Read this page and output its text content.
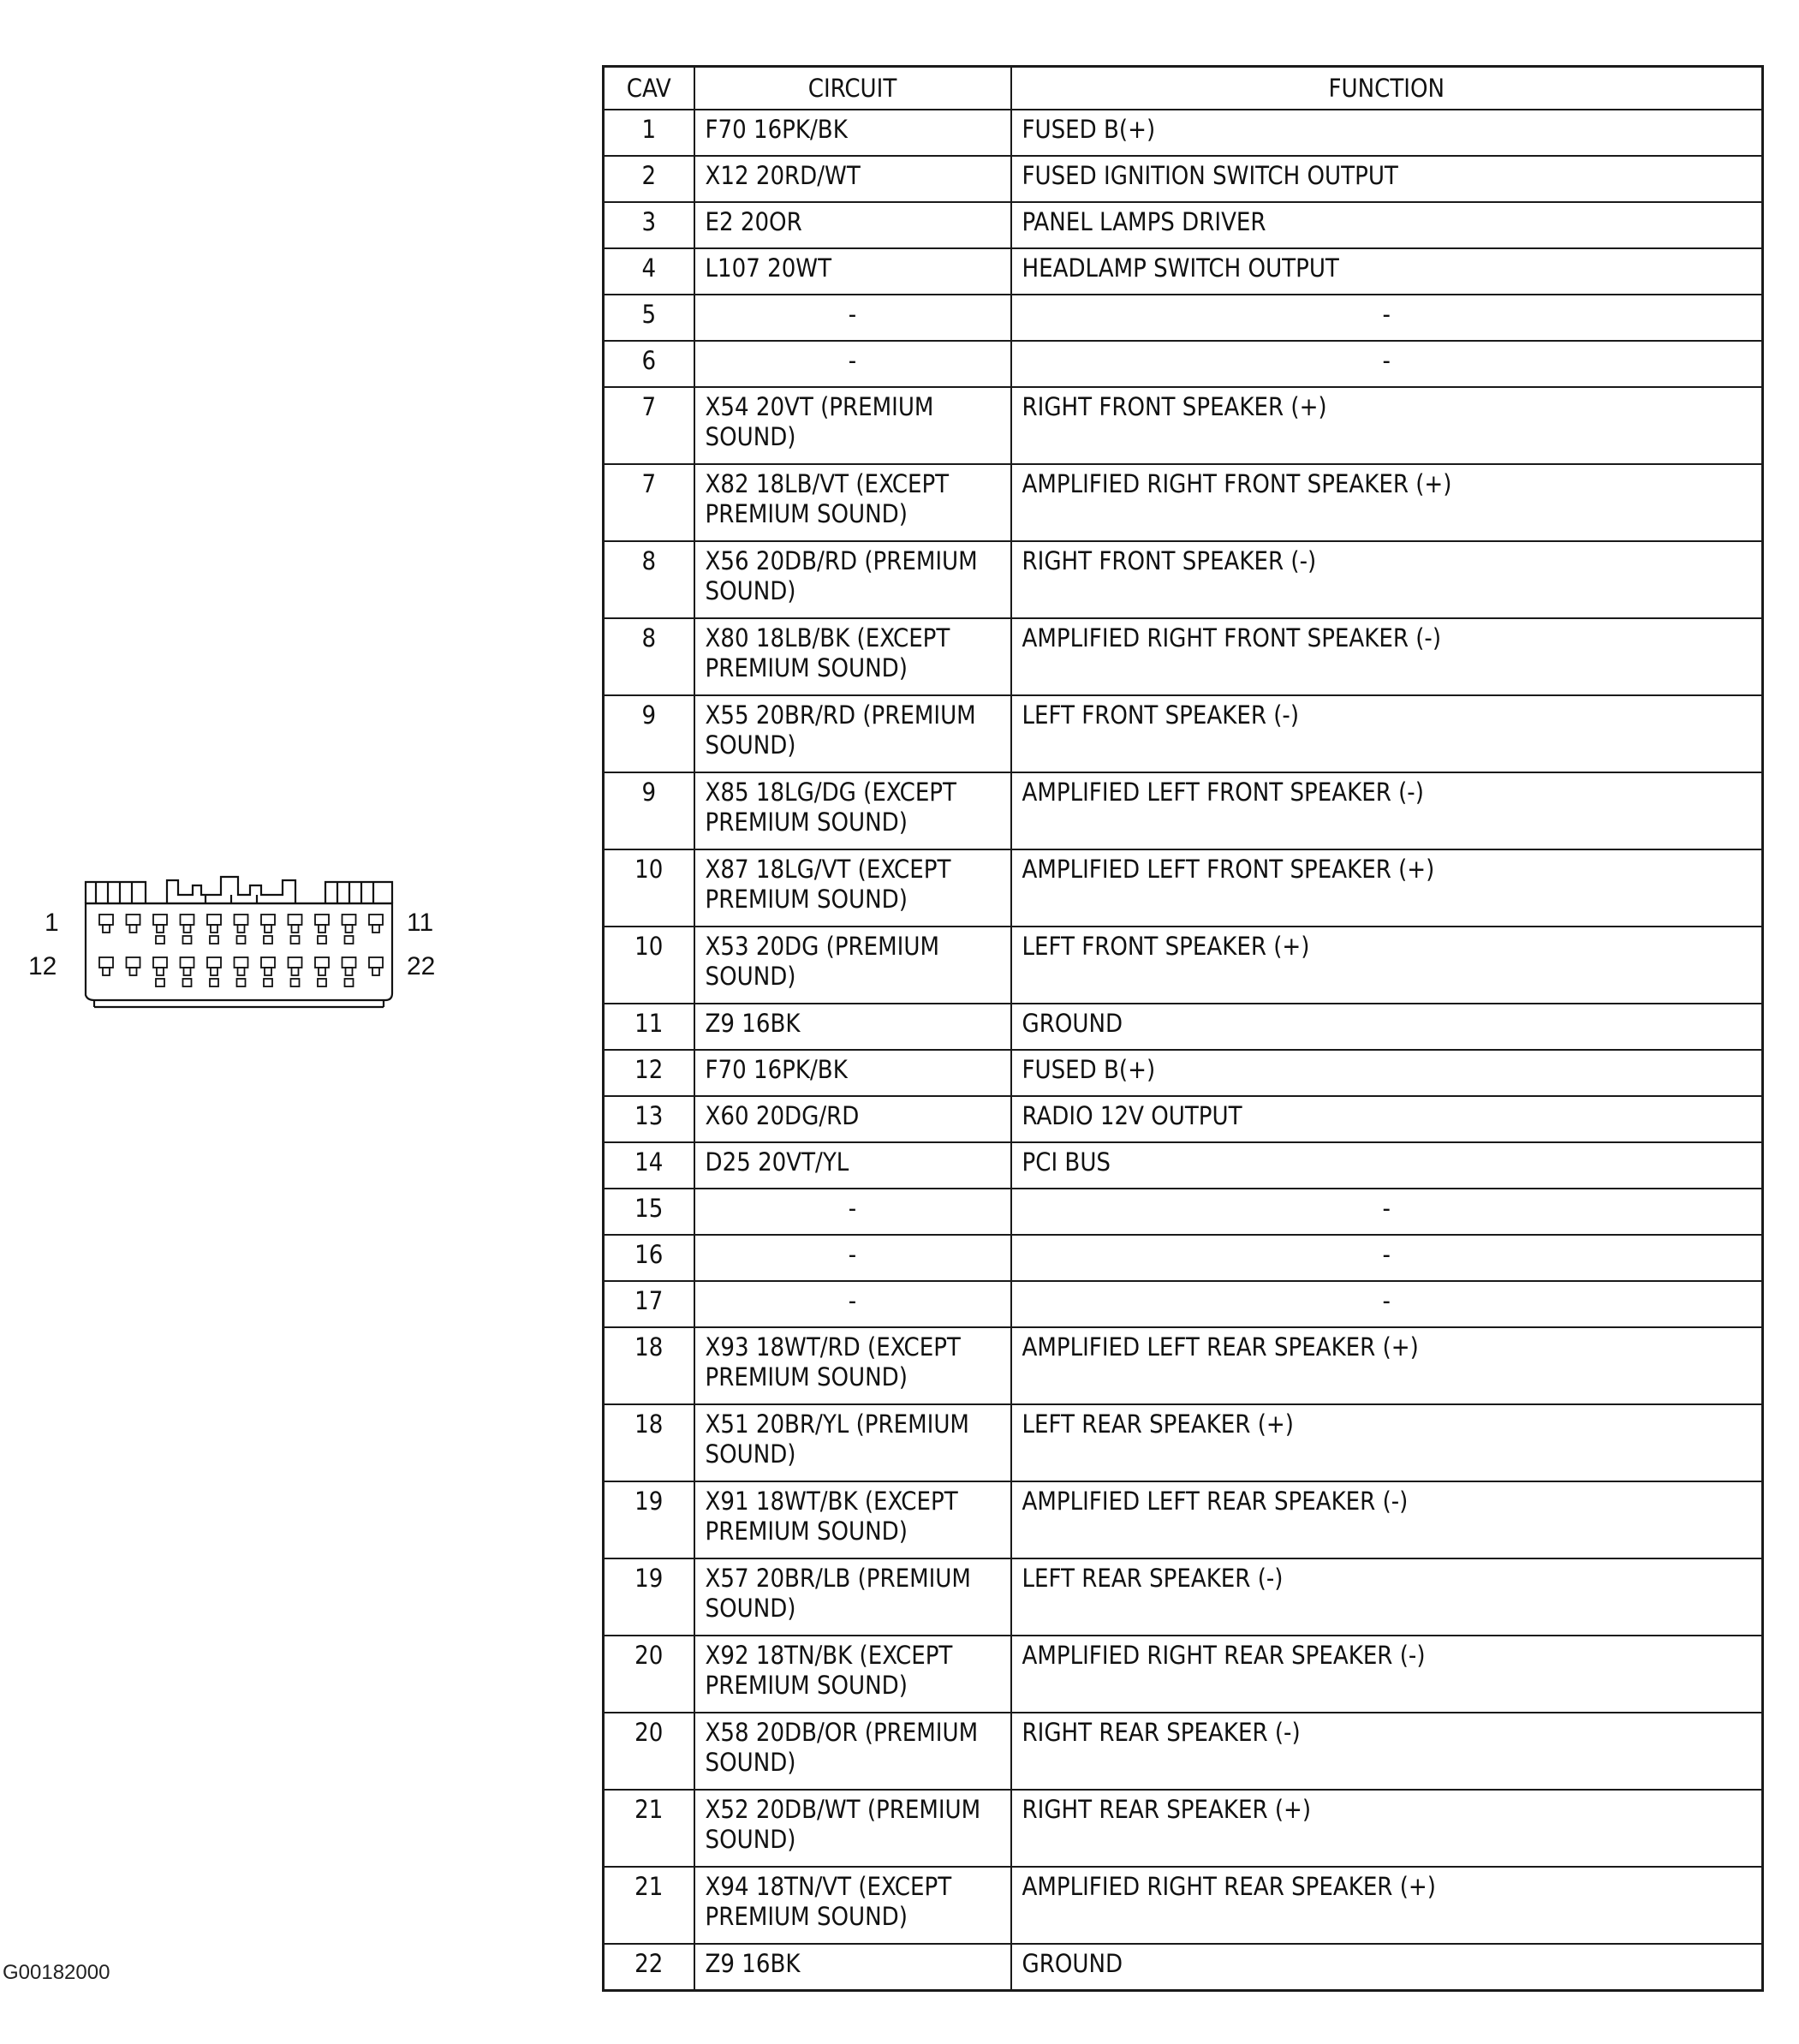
1	11
12	22
G00182000
CAV	CIRCUIT	FUNCTION
1	F70 16PK/BK	FUSED B(+)
2	X12 20RD/WT	FUSED IGNITION SWITCH OUTPUT
3	E2 20OR	PANEL LAMPS DRIVER
4	L107 20WT	HEADLAMP SWITCH OUTPUT
5	-	-
6	-	-
7	X54 20VT (PREMIUM SOUND)	RIGHT FRONT SPEAKER (+)
7	X82 18LB/VT (EXCEPT PREMIUM SOUND)	AMPLIFIED RIGHT FRONT SPEAKER (+)
8	X56 20DB/RD (PREMIUM SOUND)	RIGHT FRONT SPEAKER (-)
8	X80 18LB/BK (EXCEPT PREMIUM SOUND)	AMPLIFIED RIGHT FRONT SPEAKER (-)
9	X55 20BR/RD (PREMIUM SOUND)	LEFT FRONT SPEAKER (-)
9	X85 18LG/DG (EXCEPT PREMIUM SOUND)	AMPLIFIED LEFT FRONT SPEAKER (-)
10	X87 18LG/VT (EXCEPT PREMIUM SOUND)	AMPLIFIED LEFT FRONT SPEAKER (+)
10	X53 20DG (PREMIUM SOUND)	LEFT FRONT SPEAKER (+)
11	Z9 16BK	GROUND
12	F70 16PK/BK	FUSED B(+)
13	X60 20DG/RD	RADIO 12V OUTPUT
14	D25 20VT/YL	PCI BUS
15	-	-
16	-	-
17	-	-
18	X93 18WT/RD (EXCEPT PREMIUM SOUND)	AMPLIFIED LEFT REAR SPEAKER (+)
18	X51 20BR/YL (PREMIUM SOUND)	LEFT REAR SPEAKER (+)
19	X91 18WT/BK (EXCEPT PREMIUM SOUND)	AMPLIFIED LEFT REAR SPEAKER (-)
19	X57 20BR/LB (PREMIUM SOUND)	LEFT REAR SPEAKER (-)
20	X92 18TN/BK (EXCEPT PREMIUM SOUND)	AMPLIFIED RIGHT REAR SPEAKER (-)
20	X58 20DB/OR (PREMIUM SOUND)	RIGHT REAR SPEAKER (-)
21	X52 20DB/WT (PREMIUM SOUND)	RIGHT REAR SPEAKER (+)
21	X94 18TN/VT (EXCEPT PREMIUM SOUND)	AMPLIFIED RIGHT REAR SPEAKER (+)
22	Z9 16BK	GROUND
